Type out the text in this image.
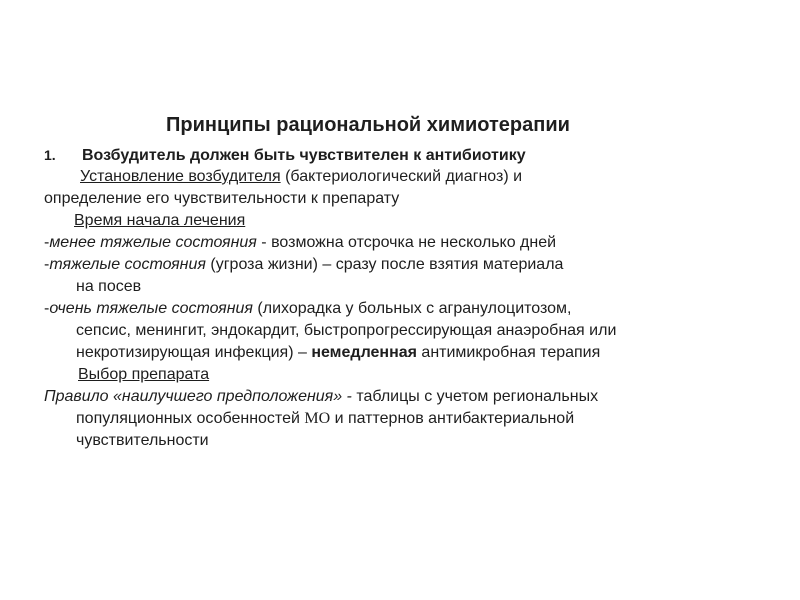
Принципы рациональной химиотерапии
1. Возбудитель должен быть чувствителен к антибиотику
Установление возбудителя (бактериологический диагноз) и
определение его чувствительности к препарату
Время начала лечения
-менее тяжелые состояния - возможна отсрочка не несколько дней
-тяжелые состояния (угроза жизни) – сразу после взятия материала
на посев
-очень тяжелые состояния (лихорадка у больных с агранулоцитозом,
сепсис, менингит, эндокардит, быстропрогрессирующая анаэробная или
некротизирующая инфекция) – немедленная антимикробная терапия
Выбор препарата
Правило «наилучшего предположения» - таблицы с учетом региональных
популяционных особенностей МО и паттернов антибактериальной
чувствительности
